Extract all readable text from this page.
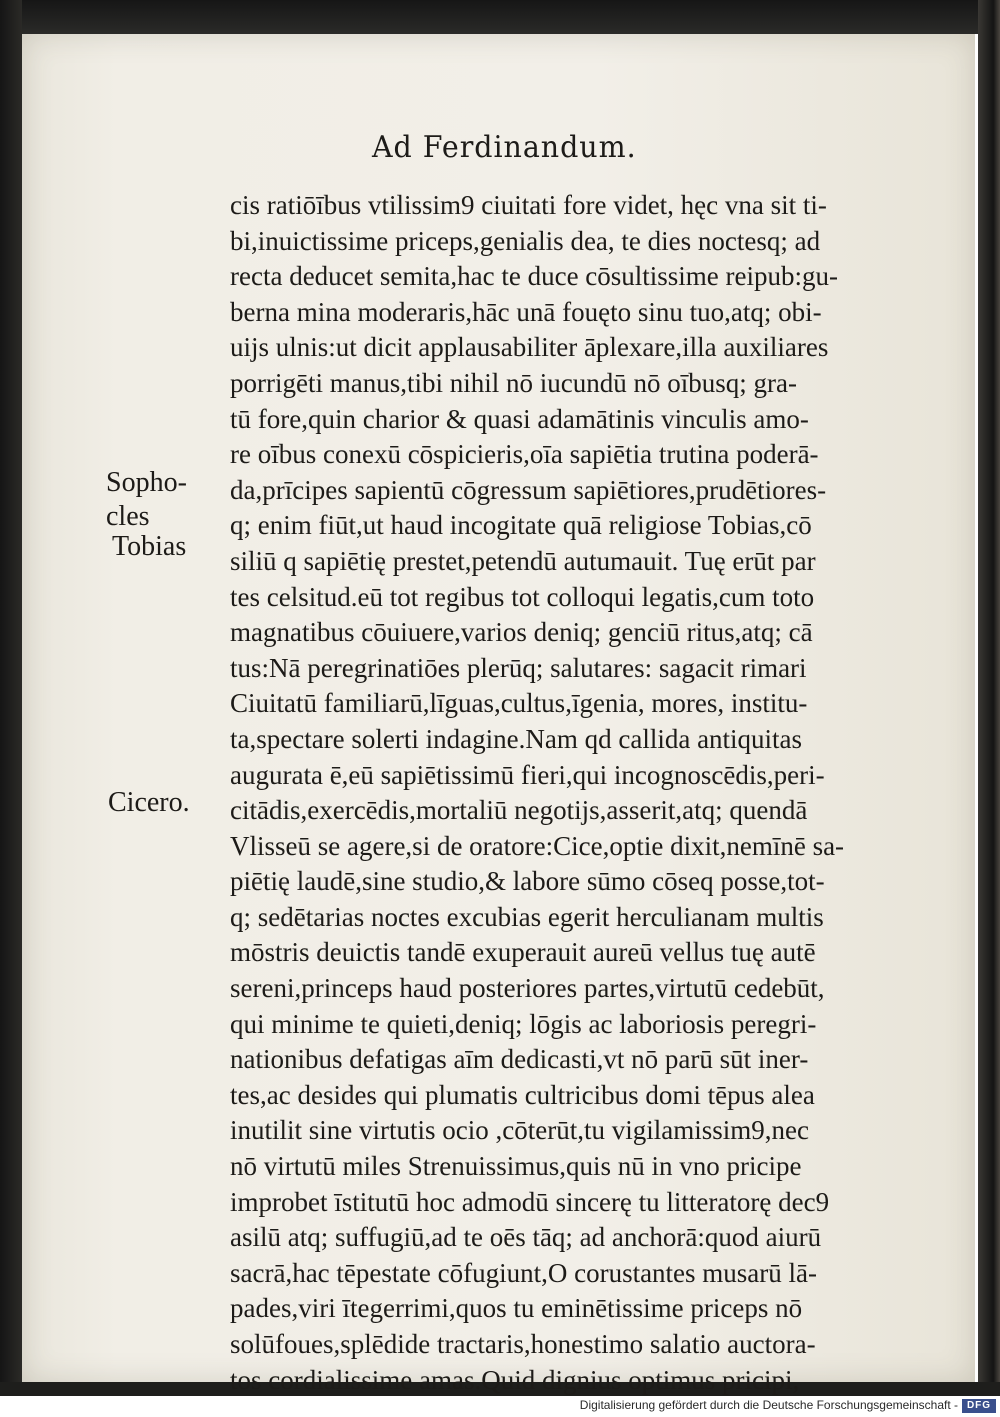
Ad Ferdinandum.
cis ratiōībus vtilissim9 ciuitati fore videt, hęc vna sit ti-
bi,inuictissime priceps,genialis dea, te dies noctesq; ad
recta deducet semita,hac te duce cōsultissime reipub:gu-
berna mina moderaris,hāc unā fouęto sinu tuo,atq; obi-
uijs ulnis:ut dicit applausabiliter āplexare,illa auxiliares
porrigēti manus,tibi nihil nō iucundū nō oībusq; gra-
tū fore,quin charior & quasi adamātinis vinculis amo-
re oībus conexū cōspicieris,oīa sapiētia trutina poderā-
da,prīcipes sapientū cōgressum sapiētiores,prudētiores-
q; enim fiūt,ut haud incogitate quā religiose Tobias,cō
siliū q sapiētię prestet,petendū autumauit. Tuę erūt par
tes celsitud.eū tot regibus tot colloqui legatis,cum toto
magnatibus cōuiuere,varios deniq; genciū ritus,atq; cā
tus:Nā peregrinatiōes plerūq; salutares: sagacit rimari
Ciuitatū familiarū,līguas,cultus,īgenia, mores, institu-
ta,spectare solerti indagine.Nam qd callida antiquitas
augurata ē,eū sapiētissimū fieri,qui incognoscēdis,peri-
citādis,exercēdis,mortaliū negotijs,asserit,atq; quendā
Vlisseū se agere,si de oratore:Cice,optie dixit,nemīnē sa-
piētię laudē,sine studio,& labore sūmo cōseq posse,tot-
q; sedētarias noctes excubias egerit herculianam multis
mōstris deuictis tandē exuperauit aureū vellus tuę autē
sereni,princeps haud posteriores partes,virtutū cedebūt,
qui minime te quieti,deniq; lōgis ac laboriosis peregri-
nationibus defatigas aīm dedicasti,vt nō parū sūt iner-
tes,ac desides qui plumatis cultricibus domi tēpus alea
inutilit sine virtutis ocio ,cōterūt,tu vigilamissim9,nec
nō virtutū miles Strenuissimus,quis nū in vno pricipe
improbet īstitutū hoc admodū sincerę tu litteratorę dec9
asilū atq; suffugiū,ad te oēs tāq; ad anchorā:quod aiurū
sacrā,hac tēpestate cōfugiunt,O corustantes musarū lā-
pades,viri ītegerrimi,quos tu eminētissime priceps nō
solūfoues,splēdide tractaris,honestimo salatio auctora-
tos cordialissime amas.Quid dignius optimus pricipi,
Sopho-
cles
Tobias
Cicero.
Digitalisierung gefördert durch die Deutsche Forschungsgemeinschaft - DFG
